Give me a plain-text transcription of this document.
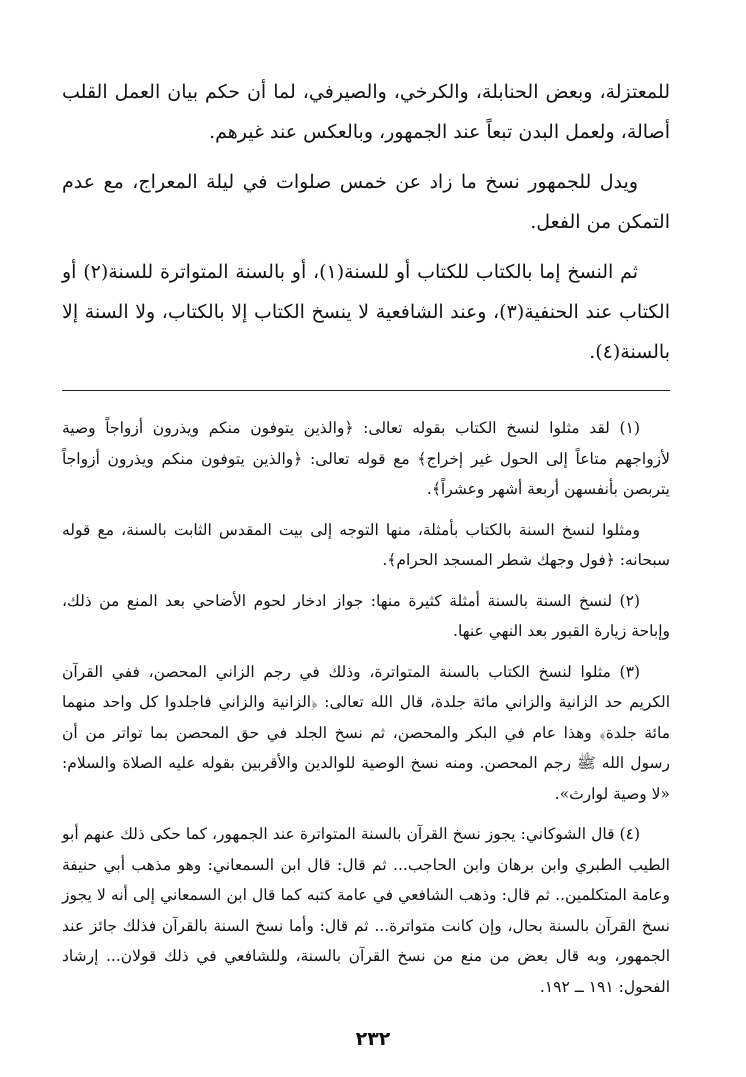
للمعتزلة، وبعض الحنابلة، والكرخي، والصيرفي، لما أن حكم بيان العمل القلب أصالة، ولعمل البدن تبعاً عند الجمهور، وبالعكس عند غيرهم.

ويدل للجمهور نسخ ما زاد عن خمس صلوات في ليلة المعراج، مع عدم التمكن من الفعل.

ثم النسخ إما بالكتاب للكتاب أو للسنة(١)، أو بالسنة المتواترة للسنة(٢) أو الكتاب عند الحنفية(٣)، وعند الشافعية لا ينسخ الكتاب إلا بالكتاب، ولا السنة إلا بالسنة(٤).

(١) لقد مثلوا لنسخ الكتاب بقوله تعالى: ﴿والذين يتوفون منكم ويذرون أزواجاً وصية لأزواجهم متاعاً إلى الحول غير إخراج﴾ مع قوله تعالى: ﴿والذين يتوفون منكم ويذرون أزواجاً يتربصن بأنفسهن أربعة أشهر وعشراً﴾.

ومثلوا لنسخ السنة بالكتاب بأمثلة، منها التوجه إلى بيت المقدس الثابت بالسنة، مع قوله سبحانه: ﴿فول وجهك شطر المسجد الحرام﴾.

(٢) لنسخ السنة بالسنة أمثلة كثيرة منها: جواز ادخار لحوم الأضاحي بعد المنع من ذلك، وإباحة زيارة القبور بعد النهي عنها.

(٣) مثلوا لنسخ الكتاب بالسنة المتواترة، وذلك في رجم الزاني المحصن، ففي القرآن الكريم حد الزانية والزاني مائة جلدة، قال الله تعالى: ﴿الزانية والزاني فاجلدوا كل واحد منهما مائة جلدة﴾ وهذا عام في البكر والمحصن، ثم نسخ الجلد في حق المحصن بما تواتر من أن رسول الله ﷺ رجم المحصن. ومنه نسخ الوصية للوالدين والأقربين بقوله عليه الصلاة والسلام: «لا وصية لوارث».

(٤) قال الشوكاني: يجوز نسخ القرآن بالسنة المتواترة عند الجمهور، كما حكى ذلك عنهم أبو الطيب الطبري وابن برهان وابن الحاجب... ثم قال: قال ابن السمعاني: وهو مذهب أبي حنيفة وعامة المتكلمين.. ثم قال: وذهب الشافعي في عامة كتبه كما قال ابن السمعاني إلى أنه لا يجوز نسخ القرآن بالسنة بحال، وإن كانت متواترة... ثم قال: وأما نسخ السنة بالقرآن فذلك جائز عند الجمهور، وبه قال بعض من منع من نسخ القرآن بالسنة، وللشافعي في ذلك قولان... إرشاد الفحول: ١٩١ ــ ١٩٢.

٢٣٢
